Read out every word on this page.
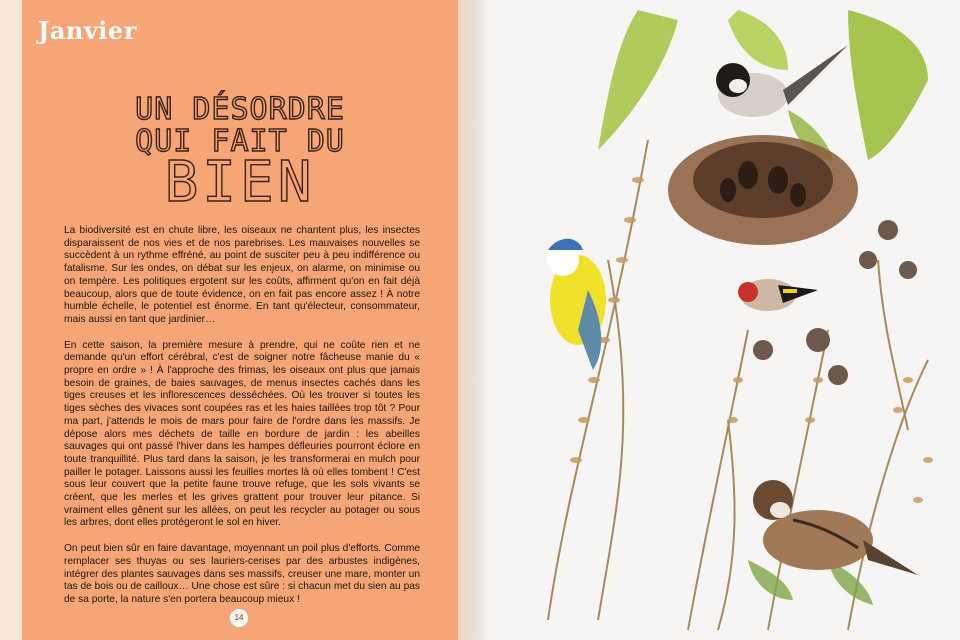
Janvier
UN DÉSORDRE
QUI FAIT DU
BIEN

La biodiversité est en chute libre, les oiseaux ne chantent plus, les insectes disparaissent de nos vies et de nos parebrises. Les mauvaises nouvelles se succèdent à un rythme effréné, au point de susciter peu à peu indifférence ou fatalisme. Sur les ondes, on débat sur les enjeux, on alarme, on minimise ou on tempère. Les politiques ergotent sur les coûts, affirment qu'on en fait déjà beaucoup, alors que de toute évidence, on en fait pas encore assez ! À notre humble échelle, le potentiel est énorme. En tant qu'électeur, consommateur, mais aussi en tant que jardinier…

En cette saison, la première mesure à prendre, qui ne coûte rien et ne demande qu'un effort cérébral, c'est de soigner notre fâcheuse manie du « propre en ordre » ! À l'approche des frimas, les oiseaux ont plus que jamais besoin de graines, de baies sauvages, de menus insectes cachés dans les tiges creuses et les inflorescences desséchées. Où les trouver si toutes les tiges sèches des vivaces sont coupées ras et les haies taillées trop tôt ? Pour ma part, j'attends le mois de mars pour faire de l'ordre dans les massifs. Je dépose alors mes déchets de taille en bordure de jardin : les abeilles sauvages qui ont passé l'hiver dans les hampes défleuries pourront éclore en toute tranquillité. Plus tard dans la saison, je les transformerai en mulch pour pailler le potager. Laissons aussi les feuilles mortes là où elles tombent ! C'est sous leur couvert que la petite faune trouve refuge, que les sols vivants se créent, que les merles et les grives grattent pour trouver leur pitance. Si vraiment elles gênent sur les allées, on peut les recycler au potager ou sous les arbres, dont elles protégeront le sol en hiver.

On peut bien sûr en faire davantage, moyennant un poil plus d'efforts. Comme remplacer ses thuyas ou ses lauriers-cerises par des arbustes indigènes, intégrer des plantes sauvages dans ses massifs, creuser une mare, monter un tas de bois ou de cailloux… Une chose est sûre : si chacun met du sien au pas de sa porte, la nature s'en portera beaucoup mieux !

14
